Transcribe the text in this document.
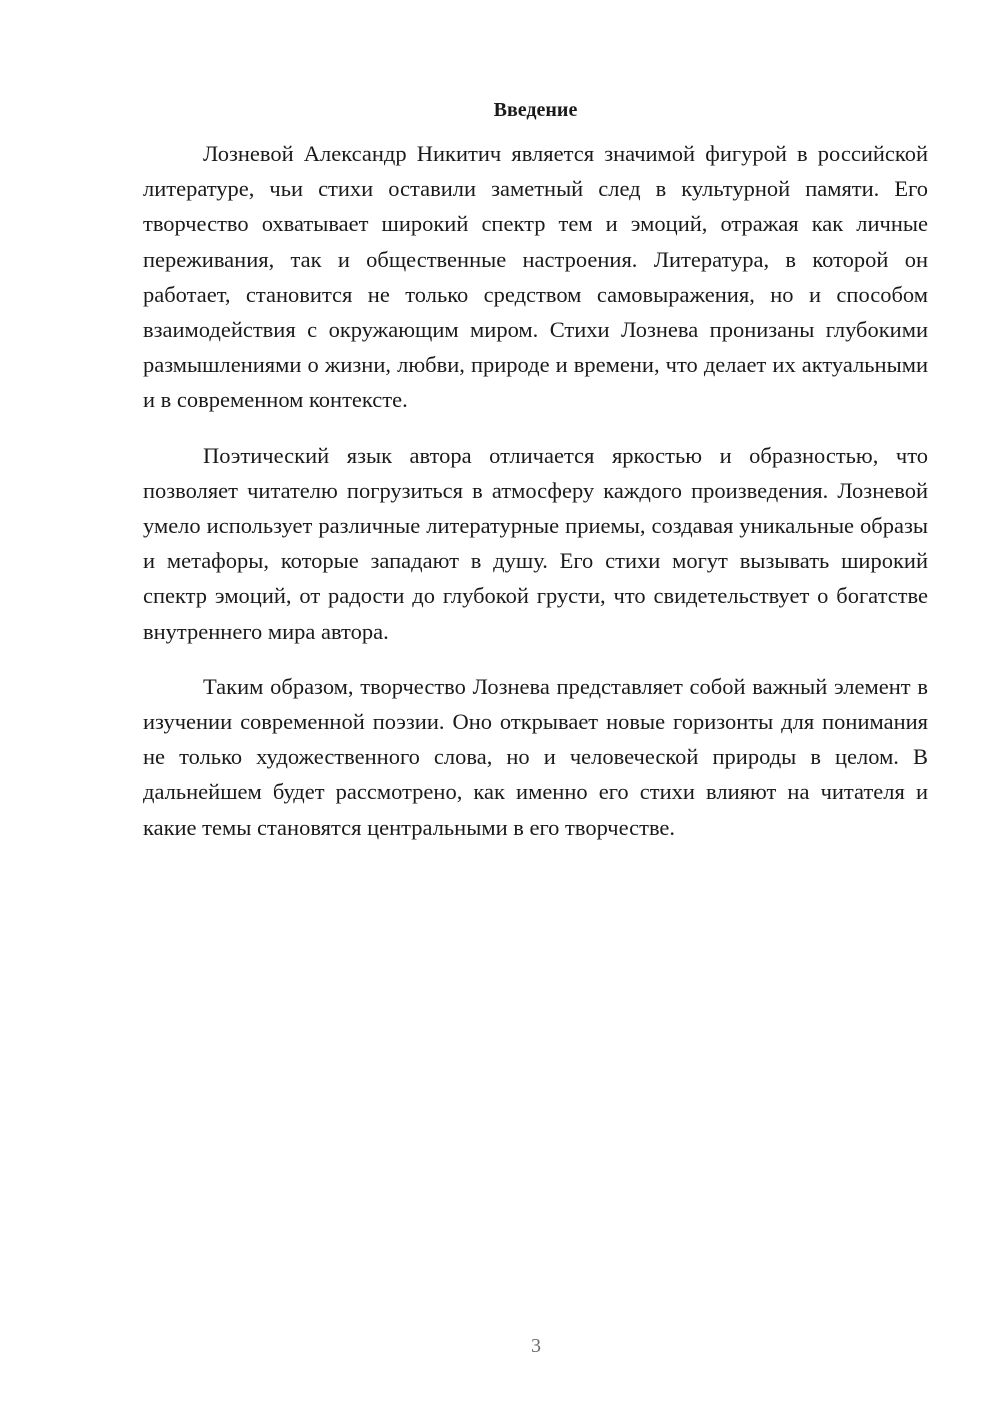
Введение

Лозневой Александр Никитич является значимой фигурой в российской литературе, чьи стихи оставили заметный след в культурной памяти. Его творчество охватывает широкий спектр тем и эмоций, отражая как личные переживания, так и общественные настроения. Литература, в которой он работает, становится не только средством самовыражения, но и способом взаимодействия с окружающим миром. Стихи Лознева пронизаны глубокими размышлениями о жизни, любви, природе и времени, что делает их актуальными и в современном контексте.

Поэтический язык автора отличается яркостью и образностью, что позволяет читателю погрузиться в атмосферу каждого произведения. Лозневой умело использует различные литературные приемы, создавая уникальные образы и метафоры, которые западают в душу. Его стихи могут вызывать широкий спектр эмоций, от радости до глубокой грусти, что свидетельствует о богатстве внутреннего мира автора.

Таким образом, творчество Лознева представляет собой важный элемент в изучении современной поэзии. Оно открывает новые горизонты для понимания не только художественного слова, но и человеческой природы в целом. В дальнейшем будет рассмотрено, как именно его стихи влияют на читателя и какие темы становятся центральными в его творчестве.

3
